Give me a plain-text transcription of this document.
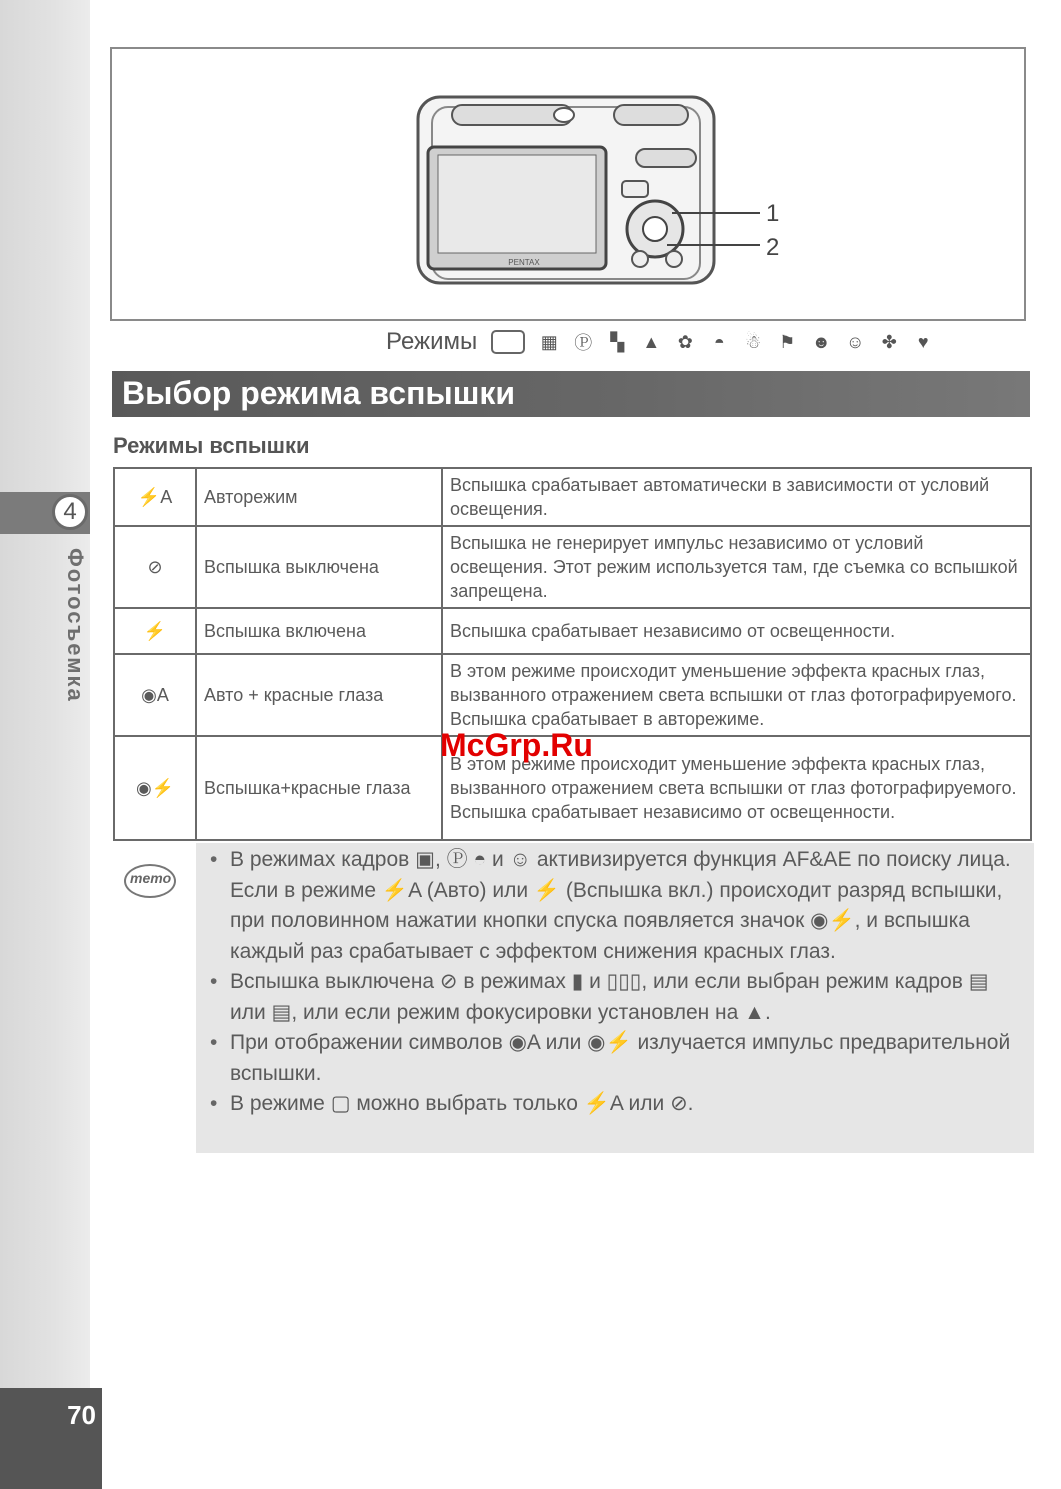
4
Фотосъемка
70
PENTAX
1
2
Режимы	▦ Ⓟ ▚ ▲ ✿ ◓ ☃ ⚑ ☻ ☺ ✤ ♥
Выбор режима вспышки
Режимы вспышки
⚡A	Авторежим	Вспышка срабатывает автоматически в зависимости от условий освещения.
⊘	Вспышка выключена	Вспышка не генерирует импульс независимо от условий освещения. Этот режим используется там, где съемка со вспышкой запрещена.
⚡	Вспышка включена	Вспышка срабатывает независимо от освещенности.
◉A	Авто + красные глаза	В этом режиме происходит уменьшение эффекта красных глаз, вызванного отражением света вспышки от глаз фотографируемого. Вспышка срабатывает в авторежиме.
◉⚡	Вспышка+красные глаза	В этом режиме происходит уменьшение эффекта красных глаз, вызванного отражением света вспышки от глаз фотографируемого. Вспышка срабатывает независимо от освещенности.
McGrp.Ru
memo
• В режимах кадров ▣, Ⓟ ◓ и ☺ активизируется функция AF&AE по поиску лица. Если в режиме ⚡A (Авто) или ⚡ (Вспышка вкл.) происходит разряд вспышки, при половинном нажатии кнопки спуска появляется значок ◉⚡, и вспышка каждый раз срабатывает с эффектом снижения красных глаз.
• Вспышка выключена ⊘ в режимах ▮ и ▯▯▯, или если выбран режим кадров ▤ или ▤, или если режим фокусировки установлен на ▲.
• При отображении символов ◉A или ◉⚡ излучается импульс предварительной вспышки.
• В режиме ▢ можно выбрать только ⚡A или ⊘.
